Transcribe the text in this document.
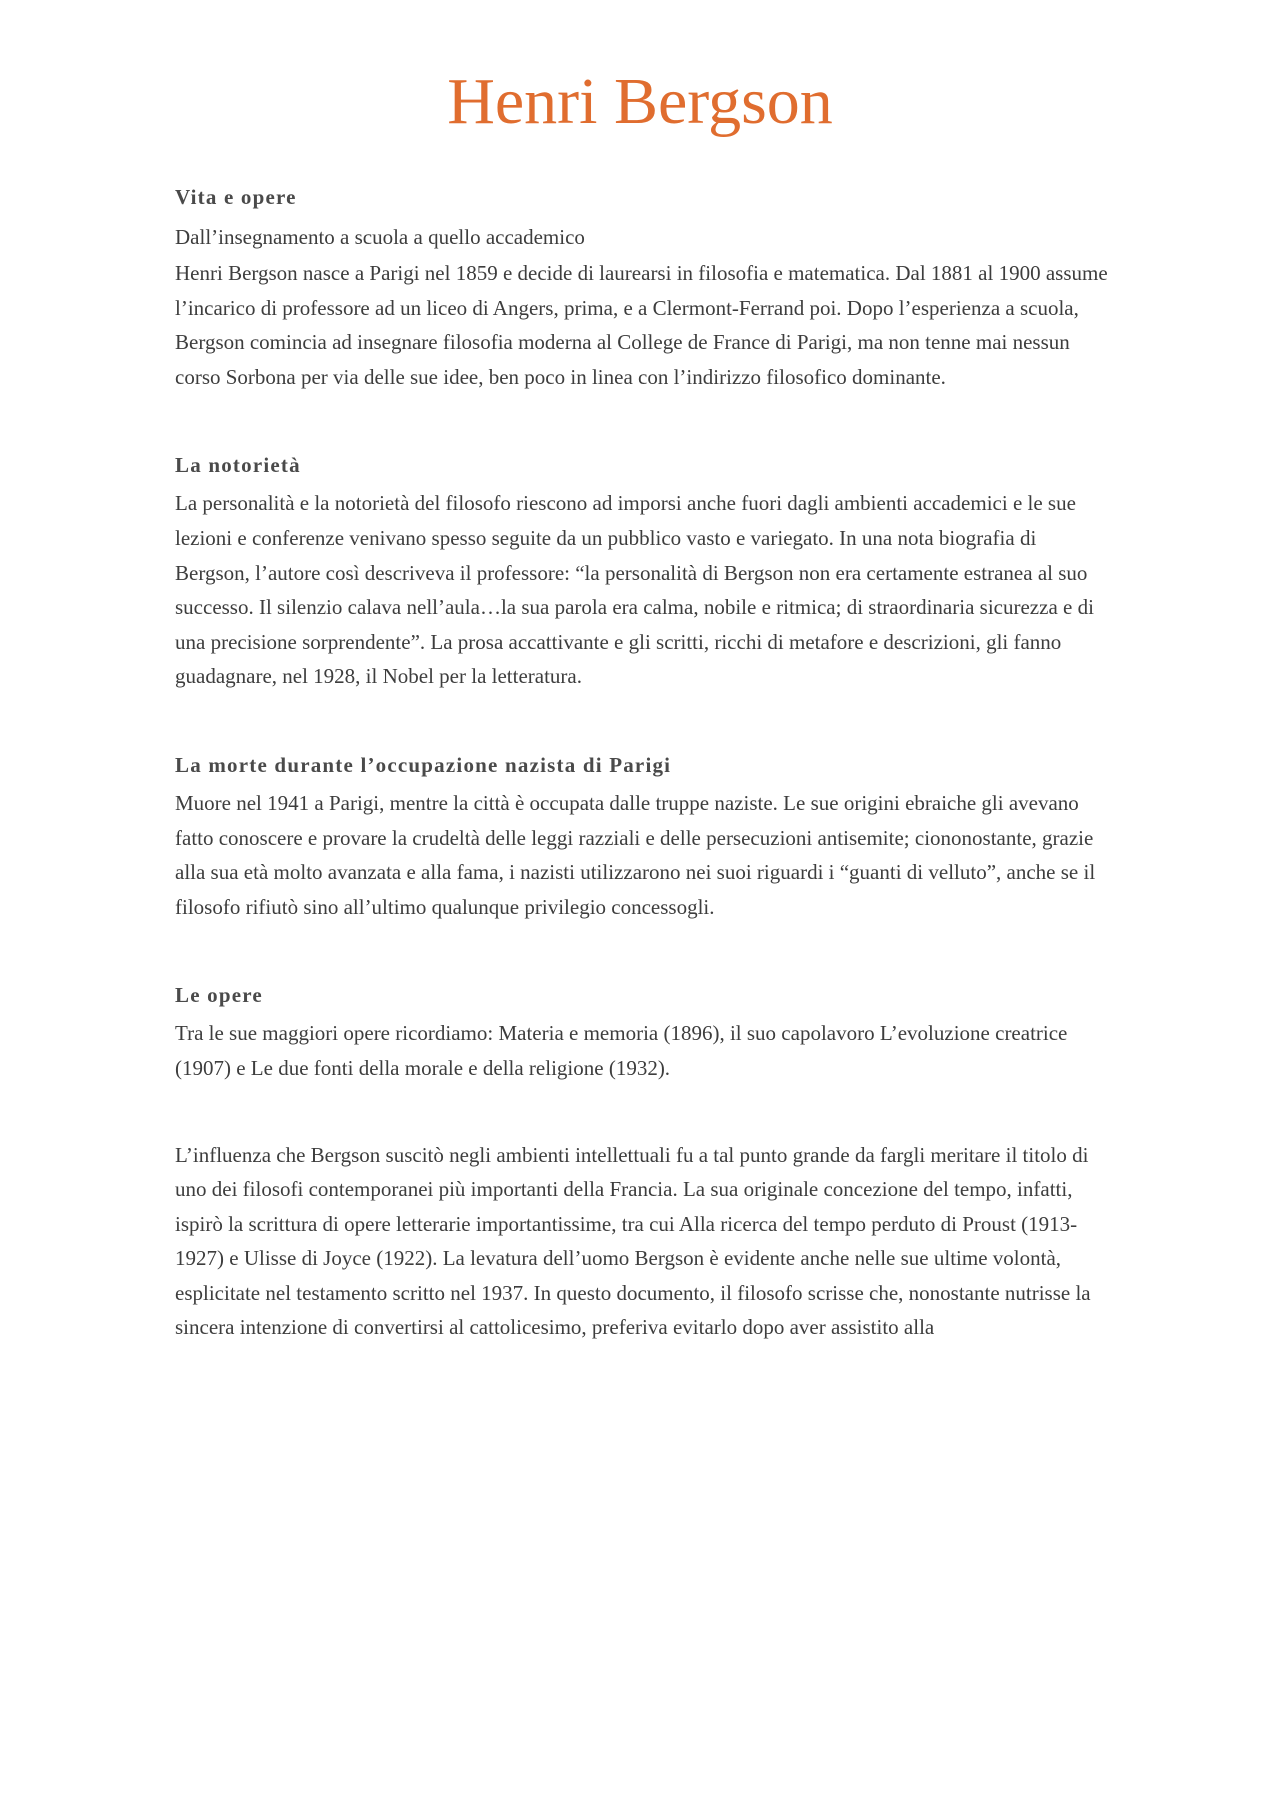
Henri Bergson
Vita e opere

Dall’insegnamento a scuola a quello accademico

Henri Bergson nasce a Parigi nel 1859 e decide di laurearsi in filosofia e matematica. Dal 1881 al 1900 assume l’incarico di professore ad un liceo di Angers, prima, e a Clermont-Ferrand poi. Dopo l’esperienza a scuola, Bergson comincia ad insegnare filosofia moderna al College de France di Parigi, ma non tenne mai nessun corso Sorbona per via delle sue idee, ben poco in linea con l’indirizzo filosofico dominante.

La notorietà

La personalità e la notorietà del filosofo riescono ad imporsi anche fuori dagli ambienti accademici e le sue lezioni e conferenze venivano spesso seguite da un pubblico vasto e variegato. In una nota biografia di Bergson, l’autore così descriveva il professore: “la personalità di Bergson non era certamente estranea al suo successo. Il silenzio calava nell’aula…la sua parola era calma, nobile e ritmica; di straordinaria sicurezza e di una precisione sorprendente”. La prosa accattivante e gli scritti, ricchi di metafore e descrizioni, gli fanno guadagnare, nel 1928, il Nobel per la letteratura.

La morte durante l’occupazione nazista di Parigi

Muore nel 1941 a Parigi, mentre la città è occupata dalle truppe naziste. Le sue origini ebraiche gli avevano fatto conoscere e provare la crudeltà delle leggi razziali e delle persecuzioni antisemite; ciononostante, grazie alla sua età molto avanzata e alla fama, i nazisti utilizzarono nei suoi riguardi i “guanti di velluto”, anche se il filosofo rifiutò sino all’ultimo qualunque privilegio concessogli.

Le opere

Tra le sue maggiori opere ricordiamo: Materia e memoria (1896), il suo capolavoro L’evoluzione creatrice (1907) e Le due fonti della morale e della religione (1932).

L’influenza che Bergson suscitò negli ambienti intellettuali fu a tal punto grande da fargli meritare il titolo di uno dei filosofi contemporanei più importanti della Francia. La sua originale concezione del tempo, infatti, ispirò la scrittura di opere letterarie importantissime, tra cui Alla ricerca del tempo perduto di Proust (1913-1927) e Ulisse di Joyce (1922). La levatura dell’uomo Bergson è evidente anche nelle sue ultime volontà, esplicitate nel testamento scritto nel 1937. In questo documento, il filosofo scrisse che, nonostante nutrisse la sincera intenzione di convertirsi al cattolicesimo, preferiva evitarlo dopo aver assistito alla
